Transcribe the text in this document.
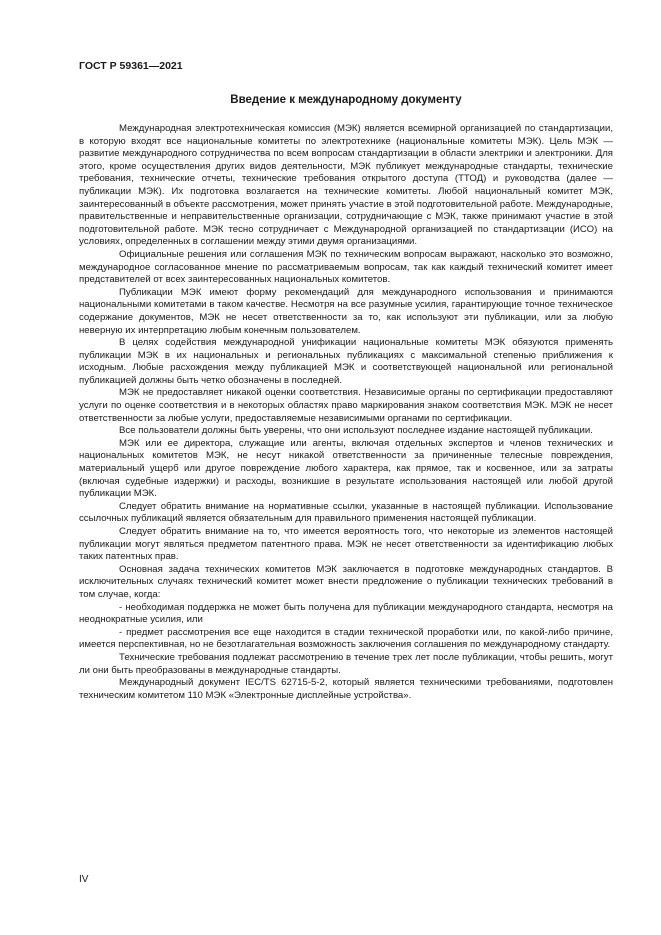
ГОСТ Р 59361—2021
Введение к международному документу

Международная электротехническая комиссия (МЭК) является всемирной организацией по стандартизации, в которую входят все национальные комитеты по электротехнике (национальные комитеты МЭК). Цель МЭК — развитие международного сотрудничества по всем вопросам стандартизации в области электрики и электроники. Для этого, кроме осуществления других видов деятельности, МЭК публикует международные стандарты, технические требования, технические отчеты, технические требования открытого доступа (ТТОД) и руководства (далее — публикации МЭК). Их подготовка возлагается на технические комитеты. Любой национальный комитет МЭК, заинтересованный в объекте рассмотрения, может принять участие в этой подготовительной работе. Международные, правительственные и неправительственные организации, сотрудничающие с МЭК, также принимают участие в этой подготовительной работе. МЭК тесно сотрудничает с Международной организацией по стандартизации (ИСО) на условиях, определенных в соглашении между этими двумя организациями.

Официальные решения или соглашения МЭК по техническим вопросам выражают, насколько это возможно, международное согласованное мнение по рассматриваемым вопросам, так как каждый технический комитет имеет представителей от всех заинтересованных национальных комитетов.

Публикации МЭК имеют форму рекомендаций для международного использования и принимаются национальными комитетами в таком качестве. Несмотря на все разумные усилия, гарантирующие точное техническое содержание документов, МЭК не несет ответственности за то, как используют эти публикации, или за любую неверную их интерпретацию любым конечным пользователем.

В целях содействия международной унификации национальные комитеты МЭК обязуются применять публикации МЭК в их национальных и региональных публикациях с максимальной степенью приближения к исходным. Любые расхождения между публикацией МЭК и соответствующей национальной или региональной публикацией должны быть четко обозначены в последней.

МЭК не предоставляет никакой оценки соответствия. Независимые органы по сертификации предоставляют услуги по оценке соответствия и в некоторых областях право маркирования знаком соответствия МЭК. МЭК не несет ответственности за любые услуги, предоставляемые независимыми органами по сертификации.

Все пользователи должны быть уверены, что они используют последнее издание настоящей публикации.

МЭК или ее директора, служащие или агенты, включая отдельных экспертов и членов технических и национальных комитетов МЭК, не несут никакой ответственности за причиненные телесные повреждения, материальный ущерб или другое повреждение любого характера, как прямое, так и косвенное, или за затраты (включая судебные издержки) и расходы, возникшие в результате использования настоящей или любой другой публикации МЭК.

Следует обратить внимание на нормативные ссылки, указанные в настоящей публикации. Использование ссылочных публикаций является обязательным для правильного применения настоящей публикации.

Следует обратить внимание на то, что имеется вероятность того, что некоторые из элементов настоящей публикации могут являться предметом патентного права. МЭК не несет ответственности за идентификацию любых таких патентных прав.

Основная задача технических комитетов МЭК заключается в подготовке международных стандартов. В исключительных случаях технический комитет может внести предложение о публикации технических требований в том случае, когда:

- необходимая поддержка не может быть получена для публикации международного стандарта, несмотря на неоднократные усилия, или

- предмет рассмотрения все еще находится в стадии технической проработки или, по какой-либо причине, имеется перспективная, но не безотлагательная возможность заключения соглашения по международному стандарту.

Технические требования подлежат рассмотрению в течение трех лет после публикации, чтобы решить, могут ли они быть преобразованы в международные стандарты.

Международный документ IEC/TS 62715-5-2, который является техническими требованиями, подготовлен техническим комитетом 110 МЭК «Электронные дисплейные устройства».

IV
